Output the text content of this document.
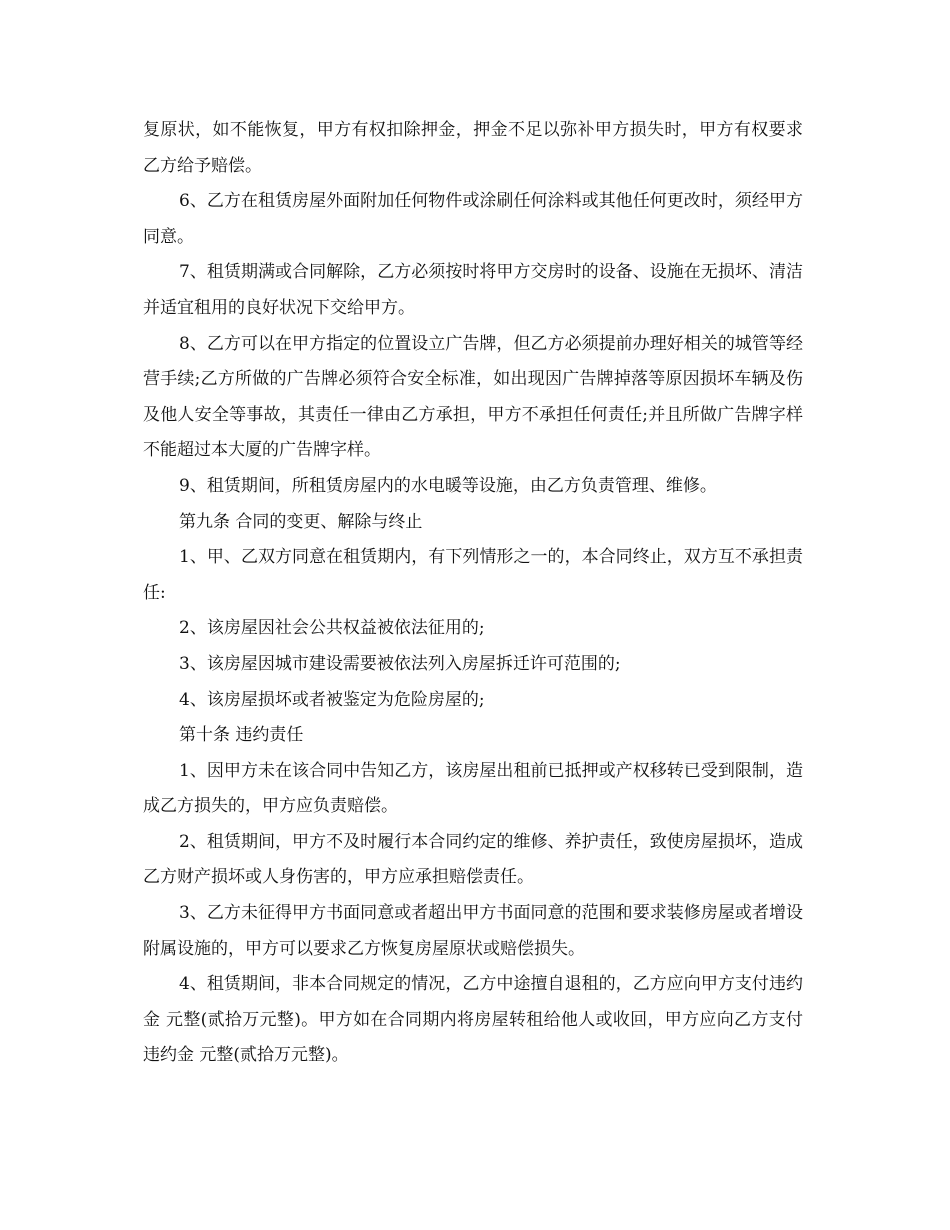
复原状，如不能恢复，甲方有权扣除押金，押金不足以弥补甲方损失时，甲方有权要求乙方给予赔偿。

6、乙方在租赁房屋外面附加任何物件或涂刷任何涂料或其他任何更改时，须经甲方同意。

7、租赁期满或合同解除，乙方必须按时将甲方交房时的设备、设施在无损坏、清洁并适宜租用的良好状况下交给甲方。

8、乙方可以在甲方指定的位置设立广告牌，但乙方必须提前办理好相关的城管等经营手续;乙方所做的广告牌必须符合安全标准，如出现因广告牌掉落等原因损坏车辆及伤及他人安全等事故，其责任一律由乙方承担，甲方不承担任何责任;并且所做广告牌字样不能超过本大厦的广告牌字样。

9、租赁期间，所租赁房屋内的水电暖等设施，由乙方负责管理、维修。

第九条 合同的变更、解除与终止

1、甲、乙双方同意在租赁期内，有下列情形之一的，本合同终止，双方互不承担责任:

2、该房屋因社会公共权益被依法征用的;

3、该房屋因城市建设需要被依法列入房屋拆迁许可范围的;

4、该房屋损坏或者被鉴定为危险房屋的;

第十条 违约责任

1、因甲方未在该合同中告知乙方，该房屋出租前已抵押或产权移转已受到限制，造成乙方损失的，甲方应负责赔偿。

2、租赁期间，甲方不及时履行本合同约定的维修、养护责任，致使房屋损坏，造成乙方财产损坏或人身伤害的，甲方应承担赔偿责任。

3、乙方未征得甲方书面同意或者超出甲方书面同意的范围和要求装修房屋或者增设附属设施的，甲方可以要求乙方恢复房屋原状或赔偿损失。

4、租赁期间，非本合同规定的情况，乙方中途擅自退租的，乙方应向甲方支付违约金 元整(贰拾万元整)。甲方如在合同期内将房屋转租给他人或收回，甲方应向乙方支付违约金 元整(贰拾万元整)。
